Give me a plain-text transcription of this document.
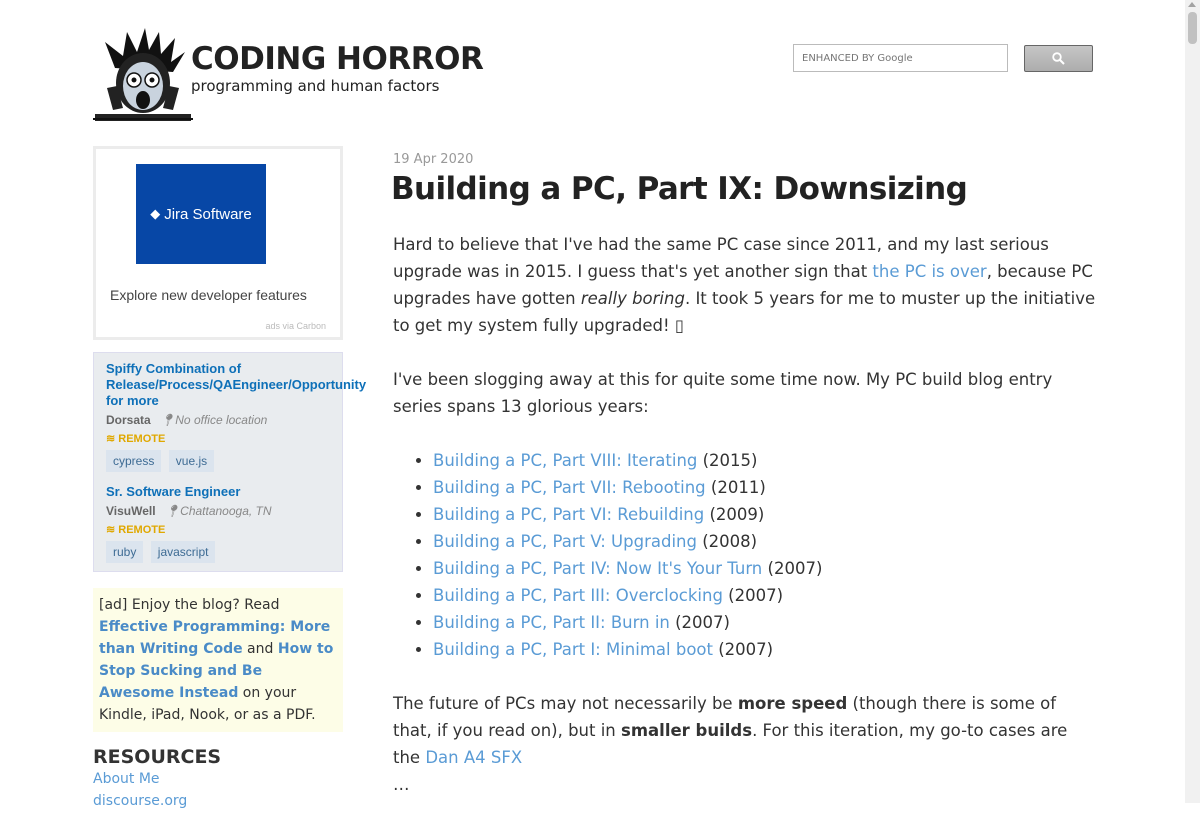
CODING HORROR
programming and human factors
ENHANCED BY Google
◆ Jira Software
Explore new developer features
ads via Carbon
Spiffy Combination of Release/Process/QAEngineer/Opportunity for more
Dorsata 📍︎No office location
≋ REMOTE
cypress vue.js
Sr. Software Engineer
VisuWell 📍︎Chattanooga, TN
≋ REMOTE
ruby javascript
[ad] Enjoy the blog? Read Effective Programming: More than Writing Code and How to Stop Sucking and Be Awesome Instead on your Kindle, iPad, Nook, or as a PDF.
RESOURCES
About Me
discourse.org
19 Apr 2020
Building a PC, Part IX: Downsizing

Hard to believe that I've had the same PC case since 2011, and my last serious upgrade was in 2015. I guess that's yet another sign that the PC is over, because PC upgrades have gotten really boring. It took 5 years for me to muster up the initiative to get my system fully upgraded! ▯

I've been slogging away at this for quite some time now. My PC build blog entry series spans 13 glorious years:

• Building a PC, Part VIII: Iterating (2015)
• Building a PC, Part VII: Rebooting (2011)
• Building a PC, Part VI: Rebuilding (2009)
• Building a PC, Part V: Upgrading (2008)
• Building a PC, Part IV: Now It's Your Turn (2007)
• Building a PC, Part III: Overclocking (2007)
• Building a PC, Part II: Burn in (2007)
• Building a PC, Part I: Minimal boot (2007)

The future of PCs may not necessarily be more speed (though there is some of that, if you read on), but in smaller builds. For this iteration, my go-to cases are the Dan A4 SFX
…
